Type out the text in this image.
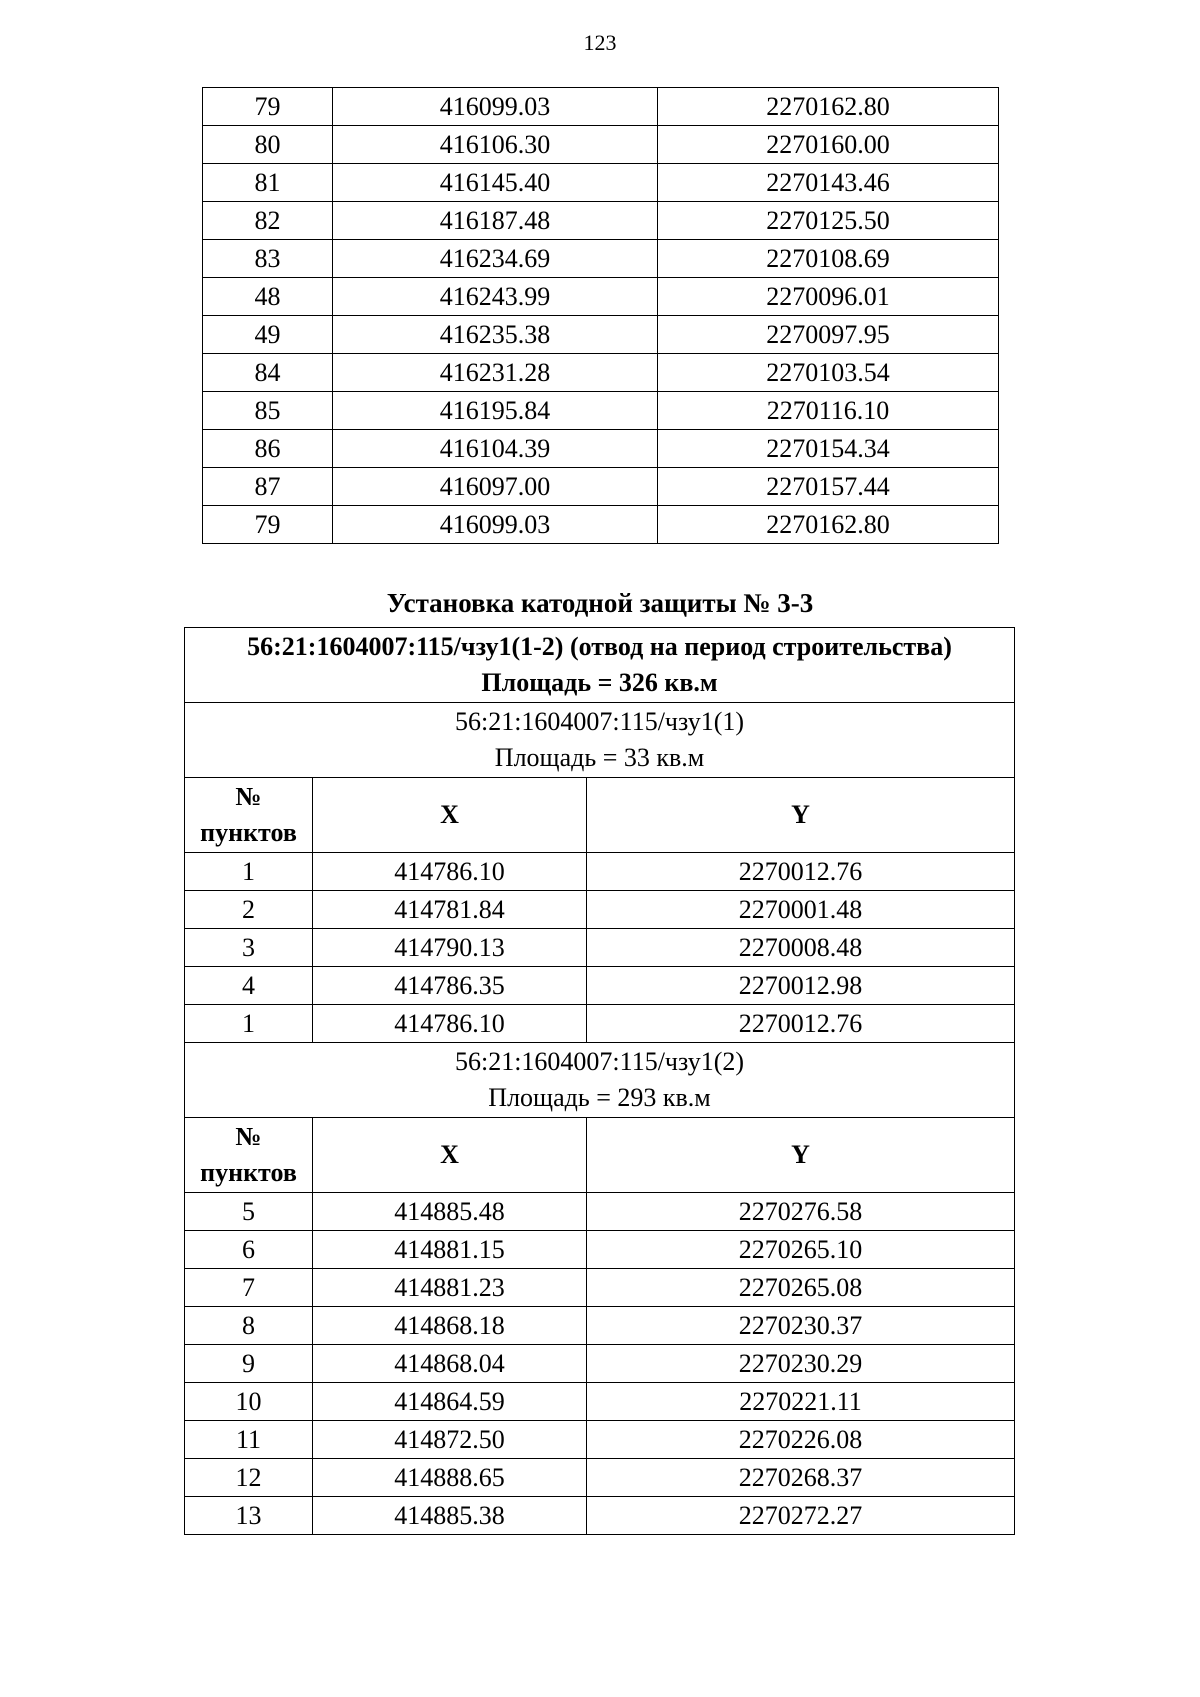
123
79	416099.03	2270162.80
80	416106.30	2270160.00
81	416145.40	2270143.46
82	416187.48	2270125.50
83	416234.69	2270108.69
48	416243.99	2270096.01
49	416235.38	2270097.95
84	416231.28	2270103.54
85	416195.84	2270116.10
86	416104.39	2270154.34
87	416097.00	2270157.44
79	416099.03	2270162.80
Установка катодной защиты № 3-3
56:21:1604007:115/чзу1(1-2) (отвод на период строительства)
Площадь = 326 кв.м		

56:21:1604007:115/чзу1(1)
Площадь = 33 кв.м		

№
пунктов	X	Y
1	414786.10	2270012.76
2	414781.84	2270001.48
3	414790.13	2270008.48
4	414786.35	2270012.98
1	414786.10	2270012.76

56:21:1604007:115/чзу1(2)
Площадь = 293 кв.м		

№
пунктов	X	Y
5	414885.48	2270276.58
6	414881.15	2270265.10
7	414881.23	2270265.08
8	414868.18	2270230.37
9	414868.04	2270230.29
10	414864.59	2270221.11
11	414872.50	2270226.08
12	414888.65	2270268.37
13	414885.38	2270272.27
